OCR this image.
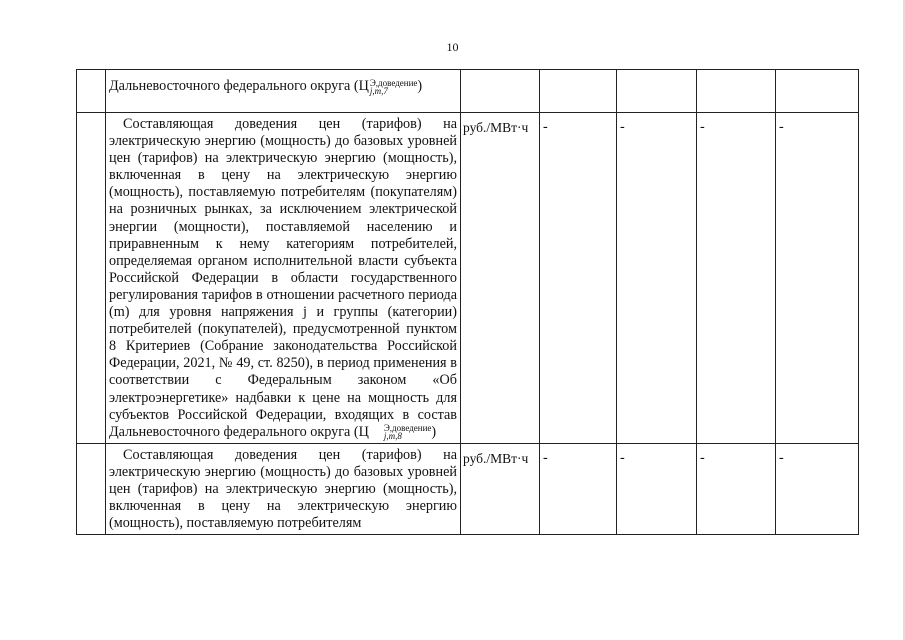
10

	Дальневосточного федерального округа (Ц Э,доведение
j,m,7 )					

	Составляющая доведения цен (тарифов) на электрическую энергию (мощность) до базовых уровней цен (тарифов) на электрическую энергию (мощность), включенная в цену на электрическую энергию (мощность), поставляемую потребителям (покупателям) на розничных рынках, за исключением электрической энергии (мощности), поставляемой населению и приравненным к нему категориям потребителей, определяемая органом исполнительной власти субъекта Российской Федерации в области государственного регулирования тарифов в отношении расчетного периода (m) для уровня напряжения j и группы (категории) потребителей (покупателей), предусмотренной пунктом 8 Критериев (Собрание законодательства Российской Федерации, 2021, № 49, ст. 8250), в период применения в соответствии с Федеральным законом «Об электроэнергетике» надбавки к цене на мощность для субъектов Российской Федерации, входящих в состав Дальневосточного федерального округа (Ц Э,доведение
j,m,8 )	руб./МВт·ч	-	-	-	-

	Составляющая доведения цен (тарифов) на электрическую энергию (мощность) до базовых уровней цен (тарифов) на электрическую энергию (мощность), включенная в цену на электрическую энергию (мощность), поставляемую потребителям	руб./МВт·ч	-	-	-	-
